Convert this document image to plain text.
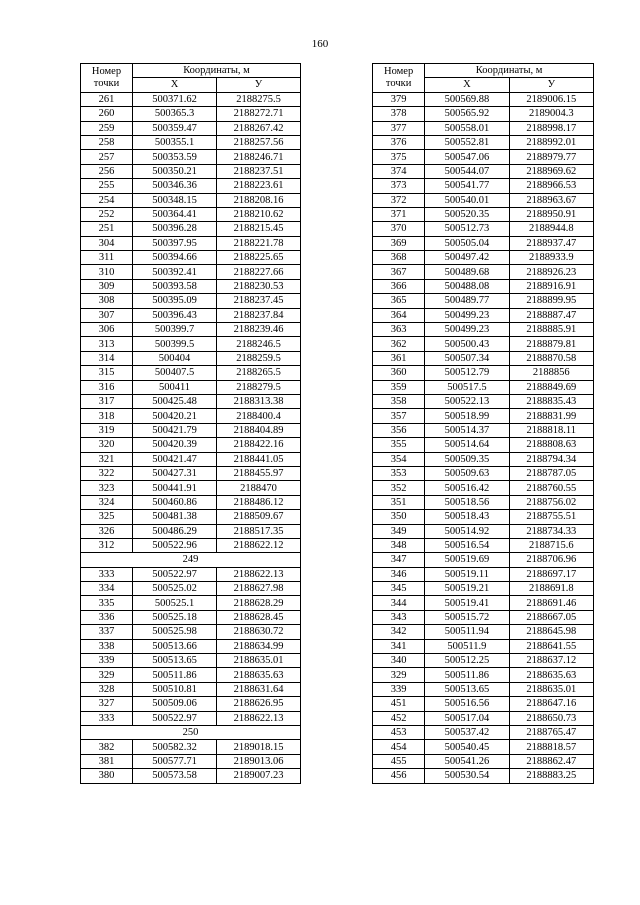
160
Номер
точки	Координаты, м	
	Х	У
261	500371.62	2188275.5
260	500365.3	2188272.71
259	500359.47	2188267.42
258	500355.1	2188257.56
257	500353.59	2188246.71
256	500350.21	2188237.51
255	500346.36	2188223.61
254	500348.15	2188208.16
252	500364.41	2188210.62
251	500396.28	2188215.45
304	500397.95	2188221.78
311	500394.66	2188225.65
310	500392.41	2188227.66
309	500393.58	2188230.53
308	500395.09	2188237.45
307	500396.43	2188237.84
306	500399.7	2188239.46
313	500399.5	2188246.5
314	500404	2188259.5
315	500407.5	2188265.5
316	500411	2188279.5
317	500425.48	2188313.38
318	500420.21	2188400.4
319	500421.79	2188404.89
320	500420.39	2188422.16
321	500421.47	2188441.05
322	500427.31	2188455.97
323	500441.91	2188470
324	500460.86	2188486.12
325	500481.38	2188509.67
326	500486.29	2188517.35
312	500522.96	2188622.12
249		
333	500522.97	2188622.13
334	500525.02	2188627.98
335	500525.1	2188628.29
336	500525.18	2188628.45
337	500525.98	2188630.72
338	500513.66	2188634.99
339	500513.65	2188635.01
329	500511.86	2188635.63
328	500510.81	2188631.64
327	500509.06	2188626.95
333	500522.97	2188622.13
250		
382	500582.32	2189018.15
381	500577.71	2189013.06
380	500573.58	2189007.23
Номер
точки	Координаты, м	
	Х	У
379	500569.88	2189006.15
378	500565.92	2189004.3
377	500558.01	2188998.17
376	500552.81	2188992.01
375	500547.06	2188979.77
374	500544.07	2188969.62
373	500541.77	2188966.53
372	500540.01	2188963.67
371	500520.35	2188950.91
370	500512.73	2188944.8
369	500505.04	2188937.47
368	500497.42	2188933.9
367	500489.68	2188926.23
366	500488.08	2188916.91
365	500489.77	2188899.95
364	500499.23	2188887.47
363	500499.23	2188885.91
362	500500.43	2188879.81
361	500507.34	2188870.58
360	500512.79	2188856
359	500517.5	2188849.69
358	500522.13	2188835.43
357	500518.99	2188831.99
356	500514.37	2188818.11
355	500514.64	2188808.63
354	500509.35	2188794.34
353	500509.63	2188787.05
352	500516.42	2188760.55
351	500518.56	2188756.02
350	500518.43	2188755.51
349	500514.92	2188734.33
348	500516.54	2188715.6
347	500519.69	2188706.96
346	500519.11	2188697.17
345	500519.21	2188691.8
344	500519.41	2188691.46
343	500515.72	2188667.05
342	500511.94	2188645.98
341	500511.9	2188641.55
340	500512.25	2188637.12
329	500511.86	2188635.63
339	500513.65	2188635.01
451	500516.56	2188647.16
452	500517.04	2188650.73
453	500537.42	2188765.47
454	500540.45	2188818.57
455	500541.26	2188862.47
456	500530.54	2188883.25
